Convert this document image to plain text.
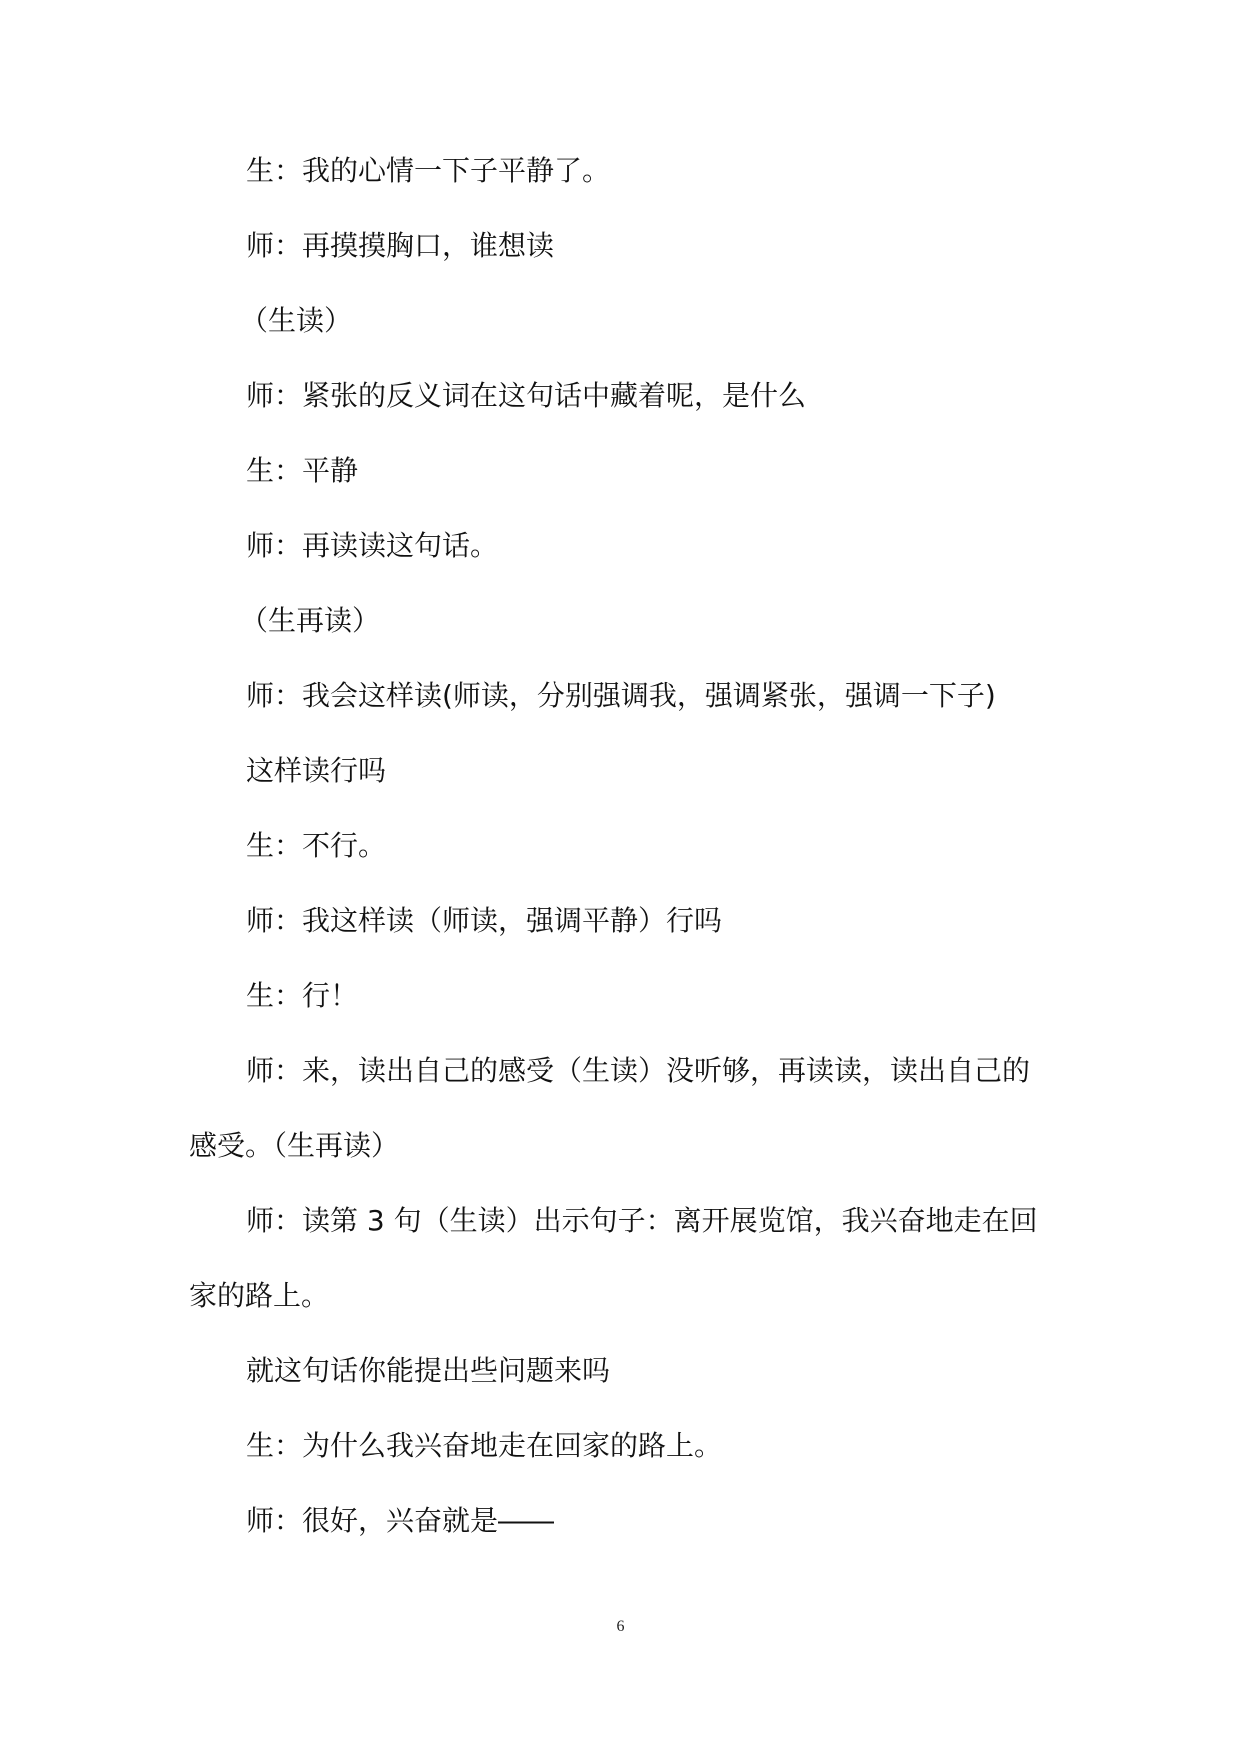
生：我的心情一下子平静了。
师：再摸摸胸口，谁想读
（生读）
师：紧张的反义词在这句话中藏着呢，是什么
生：平静
师：再读读这句话。
（生再读）
师：我会这样读(师读，分别强调我，强调紧张，强调一下子)
这样读行吗
生：不行。
师：我这样读（师读，强调平静）行吗
生：行！
师：来，读出自己的感受（生读）没听够，再读读，读出自己的
感受。（生再读）
师：读第 3 句（生读）出示句子：离开展览馆，我兴奋地走在回
家的路上。
就这句话你能提出些问题来吗
生：为什么我兴奋地走在回家的路上。
师：很好，兴奋就是――
6
